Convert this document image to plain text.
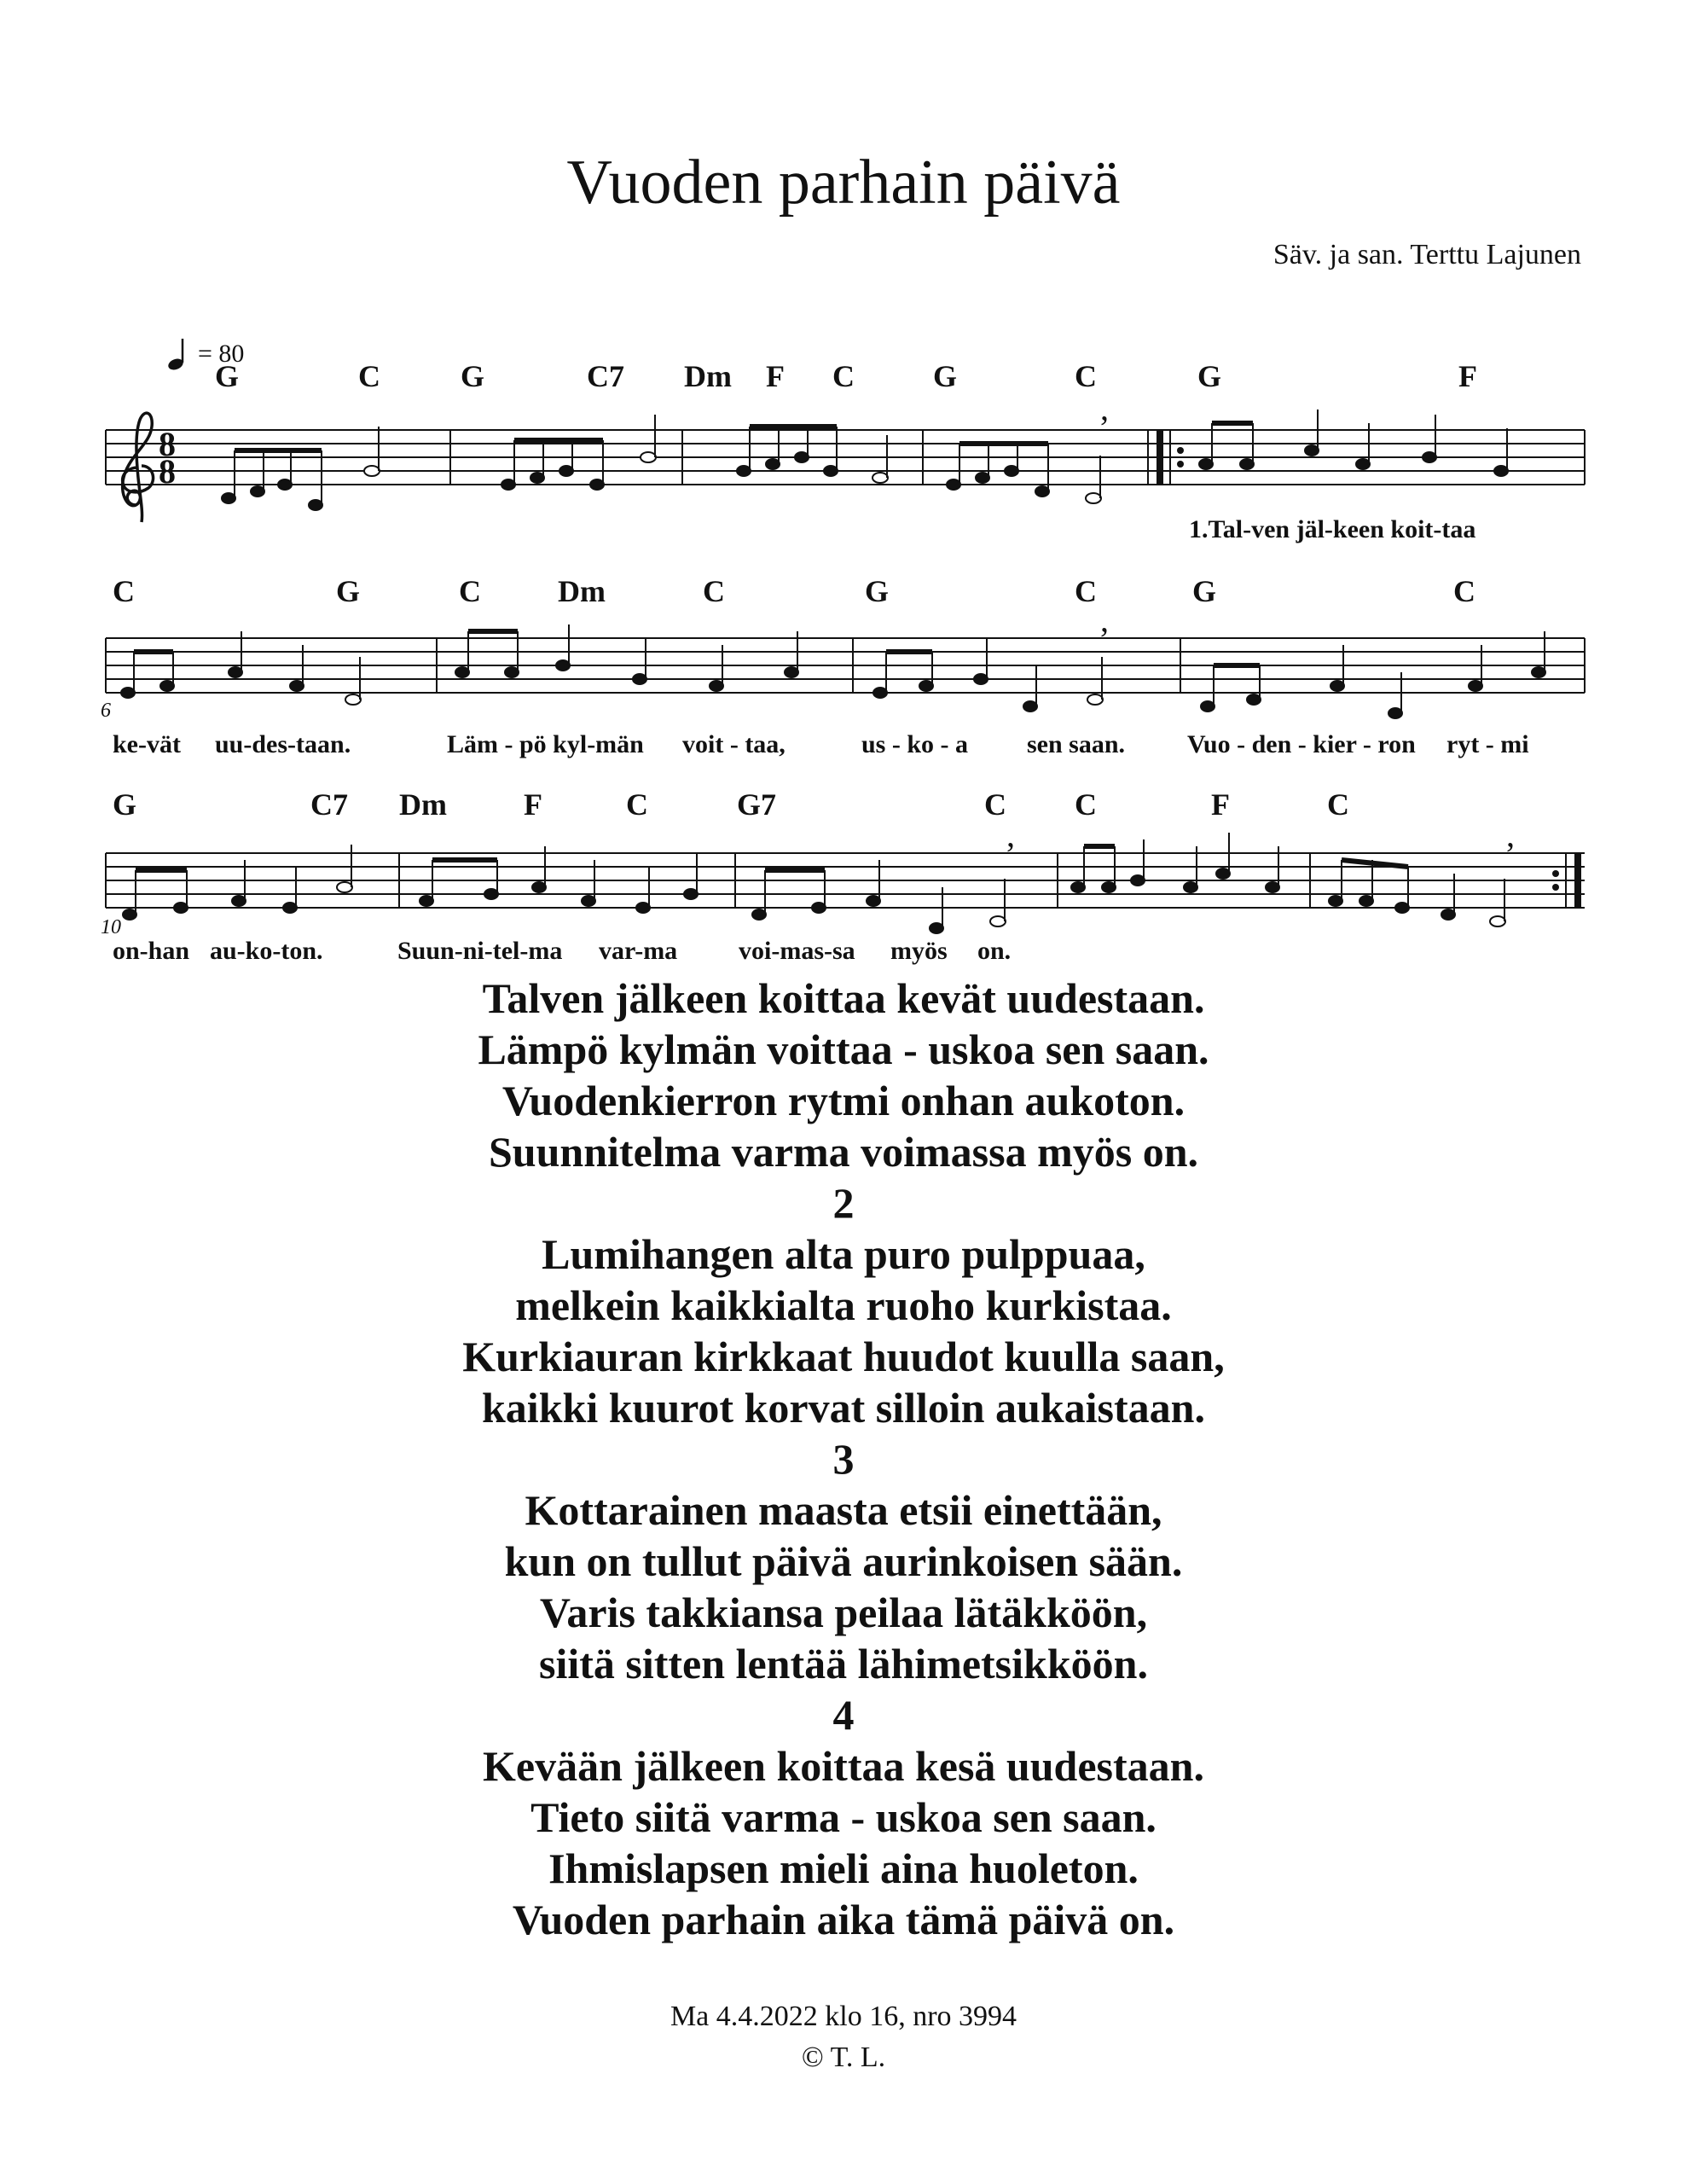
Vuoden parhain päivä
Säv. ja san. Terttu Lajunen
= 80
8
8
,
,
,	,
G	C	G	C7 Dm F C	G	C	G	F
1.Tal-ven jäl-keen koit-taa
C	G	C	Dm	C	G	C	G	C
6
ke-vät uu-des-taan.	Läm - pö kyl-män voit - taa,	us - ko - a sen saan. Vuo - den - kier - ron ryt - mi
G	C7 Dm	F	C	G7	C C	F	C
10
on-han au-ko-ton.	Suun-ni-tel-ma var-ma voi-mas-sa myös on.
Talven jälkeen koittaa kevät uudestaan.
Lämpö kylmän voittaa - uskoa sen saan.
Vuodenkierron rytmi onhan aukoton.
Suunnitelma varma voimassa myös on.
2
Lumihangen alta puro pulppuaa,
melkein kaikkialta ruoho kurkistaa.
Kurkiauran kirkkaat huudot kuulla saan,
kaikki kuurot korvat silloin aukaistaan.
3
Kottarainen maasta etsii einettään,
kun on tullut päivä aurinkoisen sään.
Varis takkiansa peilaa lätäkköön,
siitä sitten lentää lähimetsikköön.
4
Kevään jälkeen koittaa kesä uudestaan.
Tieto siitä varma - uskoa sen saan.
Ihmislapsen mieli aina huoleton.
Vuoden parhain aika tämä päivä on.
Ma 4.4.2022 klo 16, nro 3994
© T. L.
